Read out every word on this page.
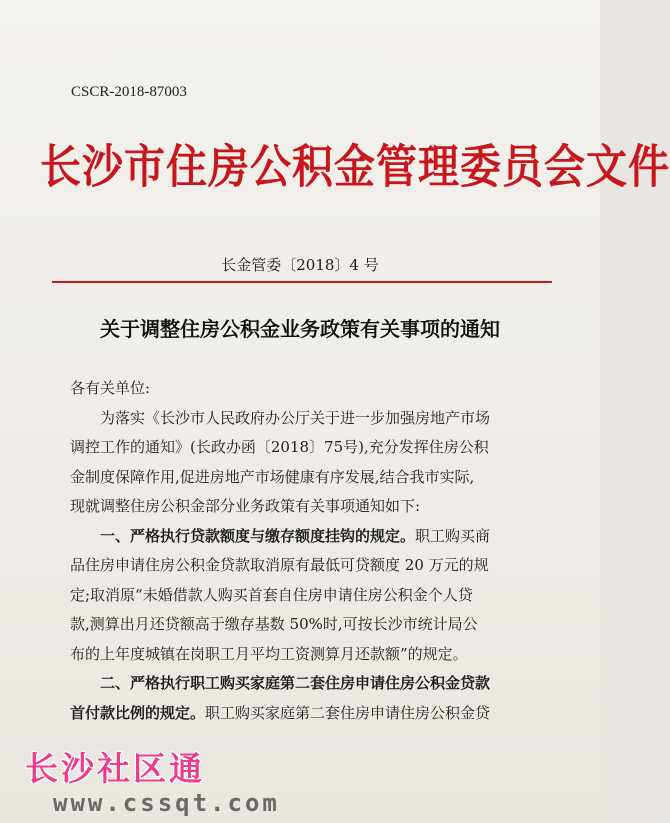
CSCR-2018-87003
长沙市住房公积金管理委员会文件
长金管委〔2018〕4 号
关于调整住房公积金业务政策有关事项的通知
各有关单位:
为落实《长沙市人民政府办公厅关于进一步加强房地产市场
调控工作的通知》(长政办函〔2018〕75号),充分发挥住房公积
金制度保障作用,促进房地产市场健康有序发展,结合我市实际,
现就调整住房公积金部分业务政策有关事项通知如下:
一、严格执行贷款额度与缴存额度挂钩的规定。职工购买商
品住房申请住房公积金贷款取消原有最低可贷额度 20 万元的规
定;取消原“未婚借款人购买首套自住房申请住房公积金个人贷
款,测算出月还贷额高于缴存基数 50%时,可按长沙市统计局公
布的上年度城镇在岗职工月平均工资测算月还款额”的规定。
二、严格执行职工购买家庭第二套住房申请住房公积金贷款
首付款比例的规定。职工购买家庭第二套住房申请住房公积金贷
长沙社区通
www.cssqt.com
